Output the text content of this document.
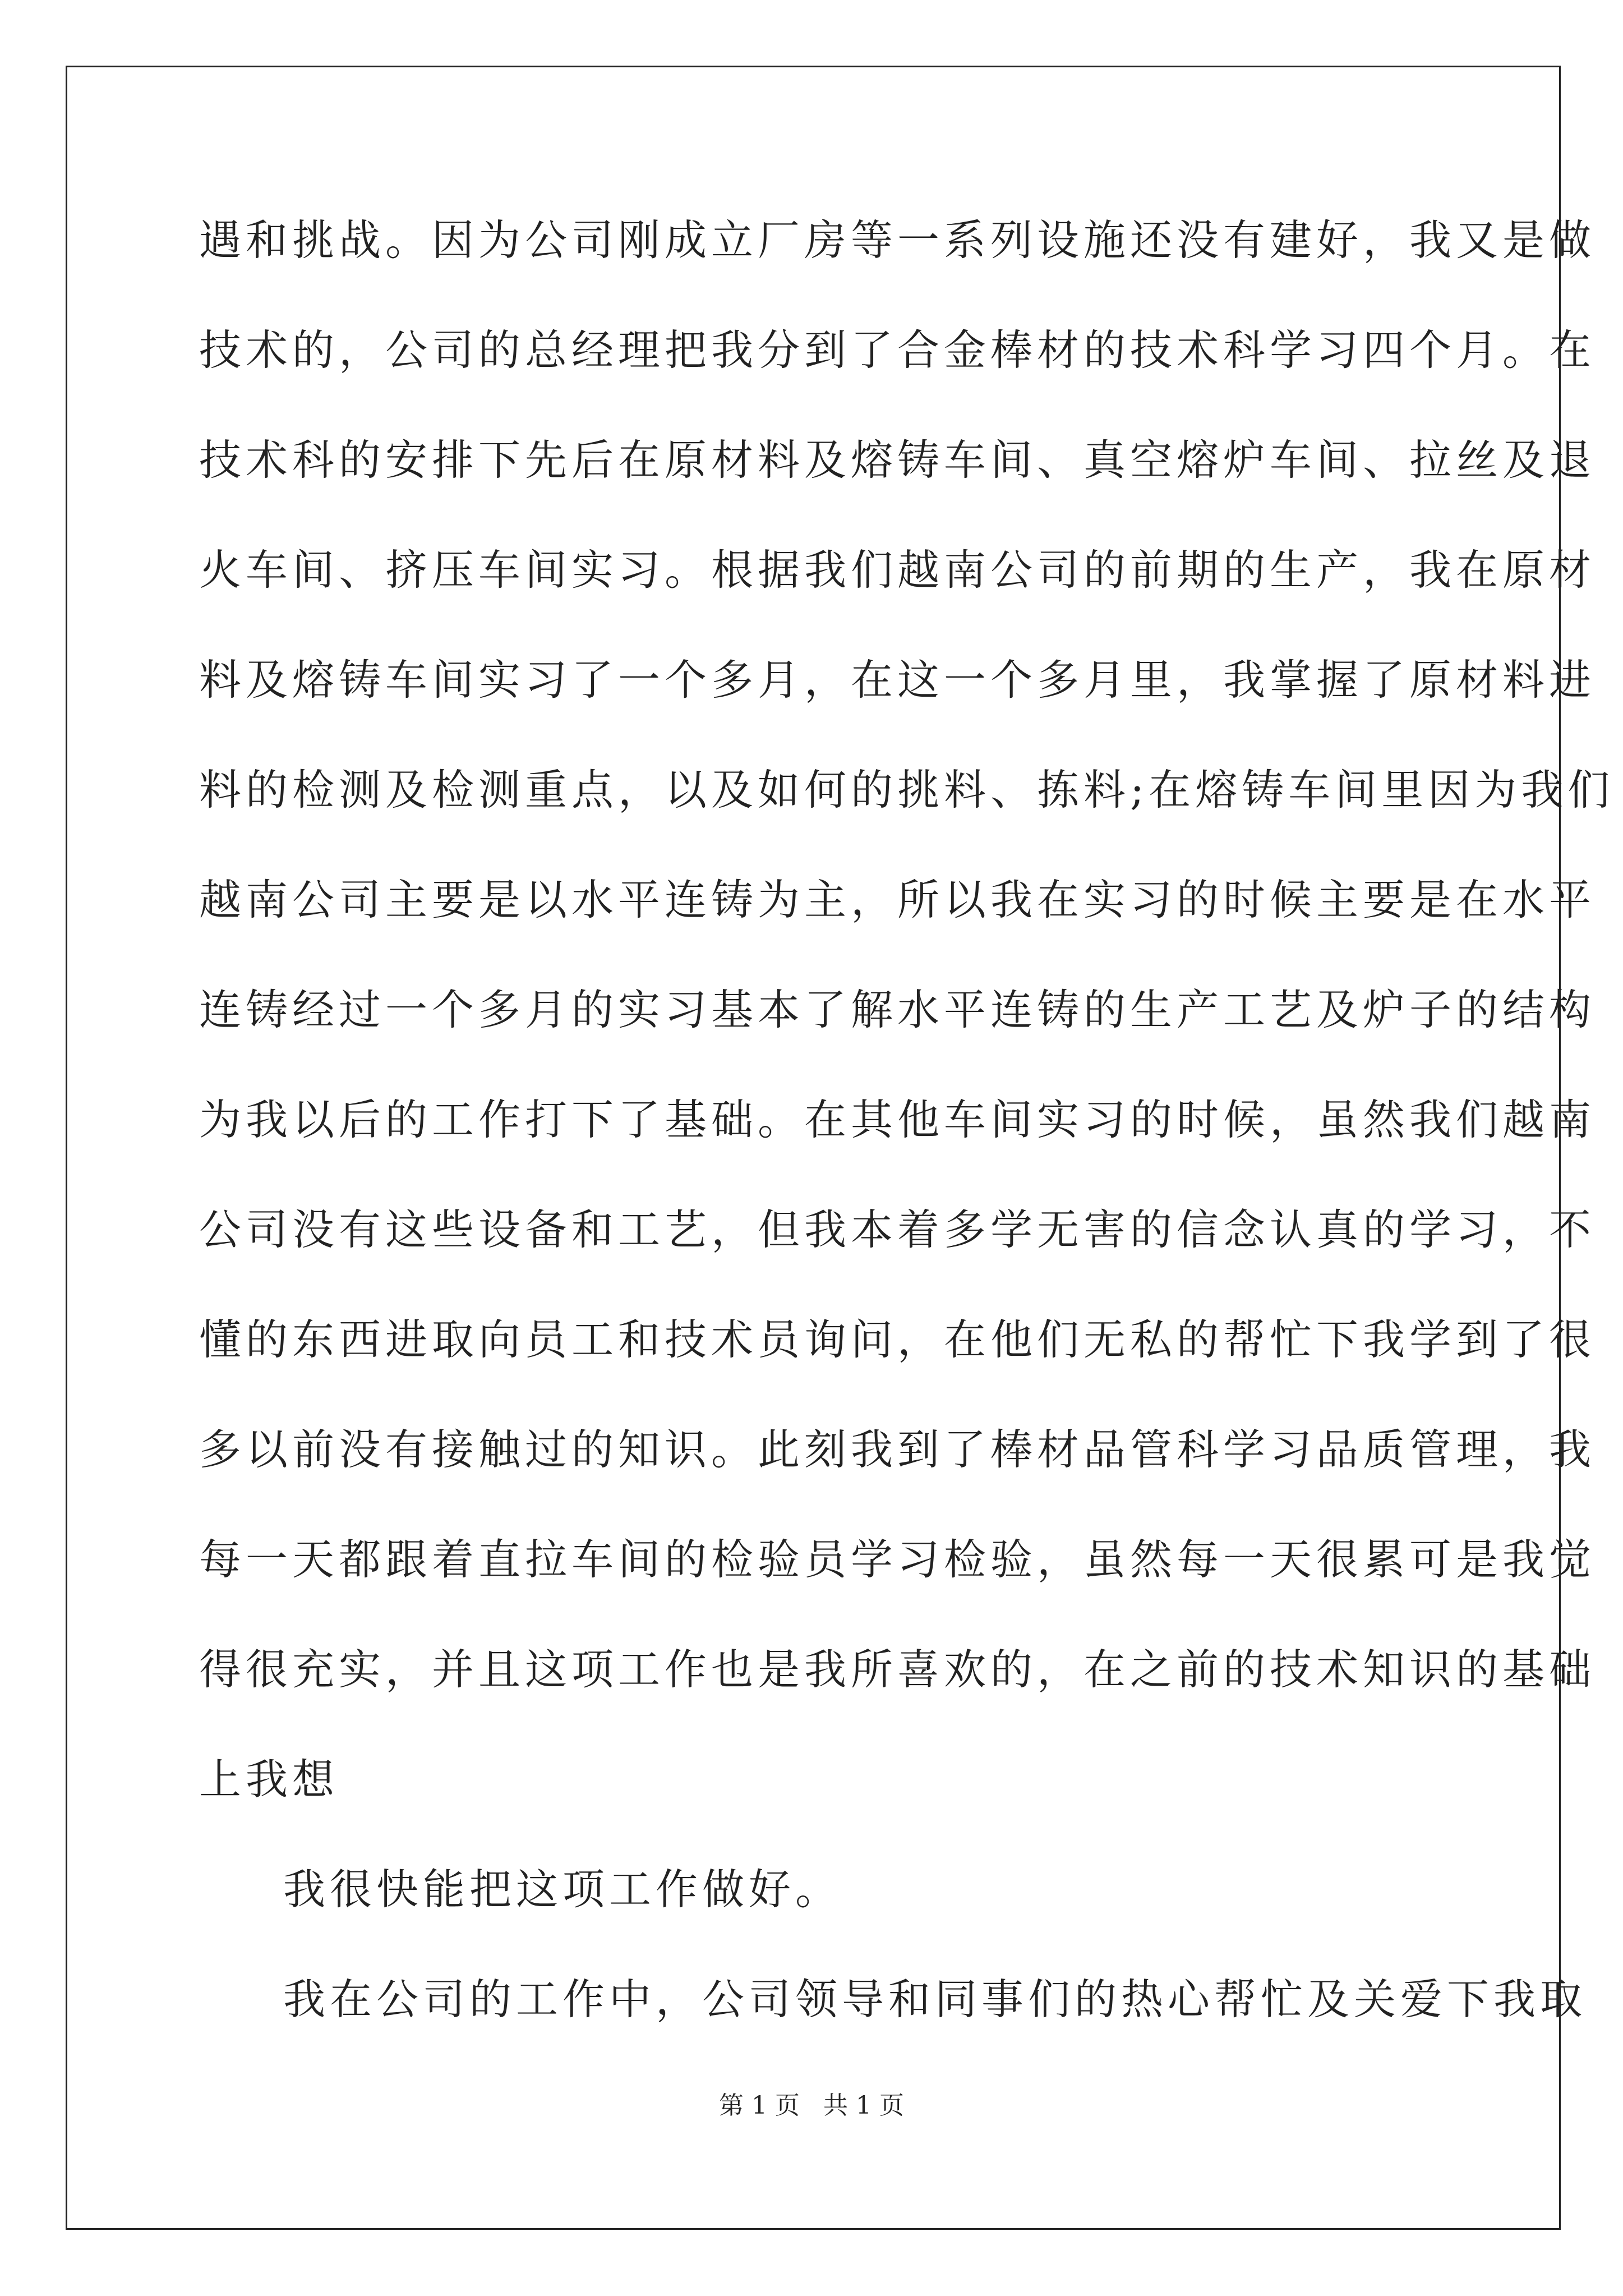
遇和挑战。因为公司刚成立厂房等一系列设施还没有建好，我又是做
技术的，公司的总经理把我分到了合金棒材的技术科学习四个月。在
技术科的安排下先后在原材料及熔铸车间、真空熔炉车间、拉丝及退
火车间、挤压车间实习。根据我们越南公司的前期的生产，我在原材
料及熔铸车间实习了一个多月，在这一个多月里，我掌握了原材料进
料的检测及检测重点，以及如何的挑料、拣料;在熔铸车间里因为我们
越南公司主要是以水平连铸为主，所以我在实习的时候主要是在水平
连铸经过一个多月的实习基本了解水平连铸的生产工艺及炉子的结构
为我以后的工作打下了基础。在其他车间实习的时候，虽然我们越南
公司没有这些设备和工艺，但我本着多学无害的信念认真的学习，不
懂的东西进取向员工和技术员询问，在他们无私的帮忙下我学到了很
多以前没有接触过的知识。此刻我到了棒材品管科学习品质管理，我
每一天都跟着直拉车间的检验员学习检验，虽然每一天很累可是我觉
得很充实，并且这项工作也是我所喜欢的，在之前的技术知识的基础
上我想
我很快能把这项工作做好。
我在公司的工作中，公司领导和同事们的热心帮忙及关爱下我取
第 1 页 共 1 页
